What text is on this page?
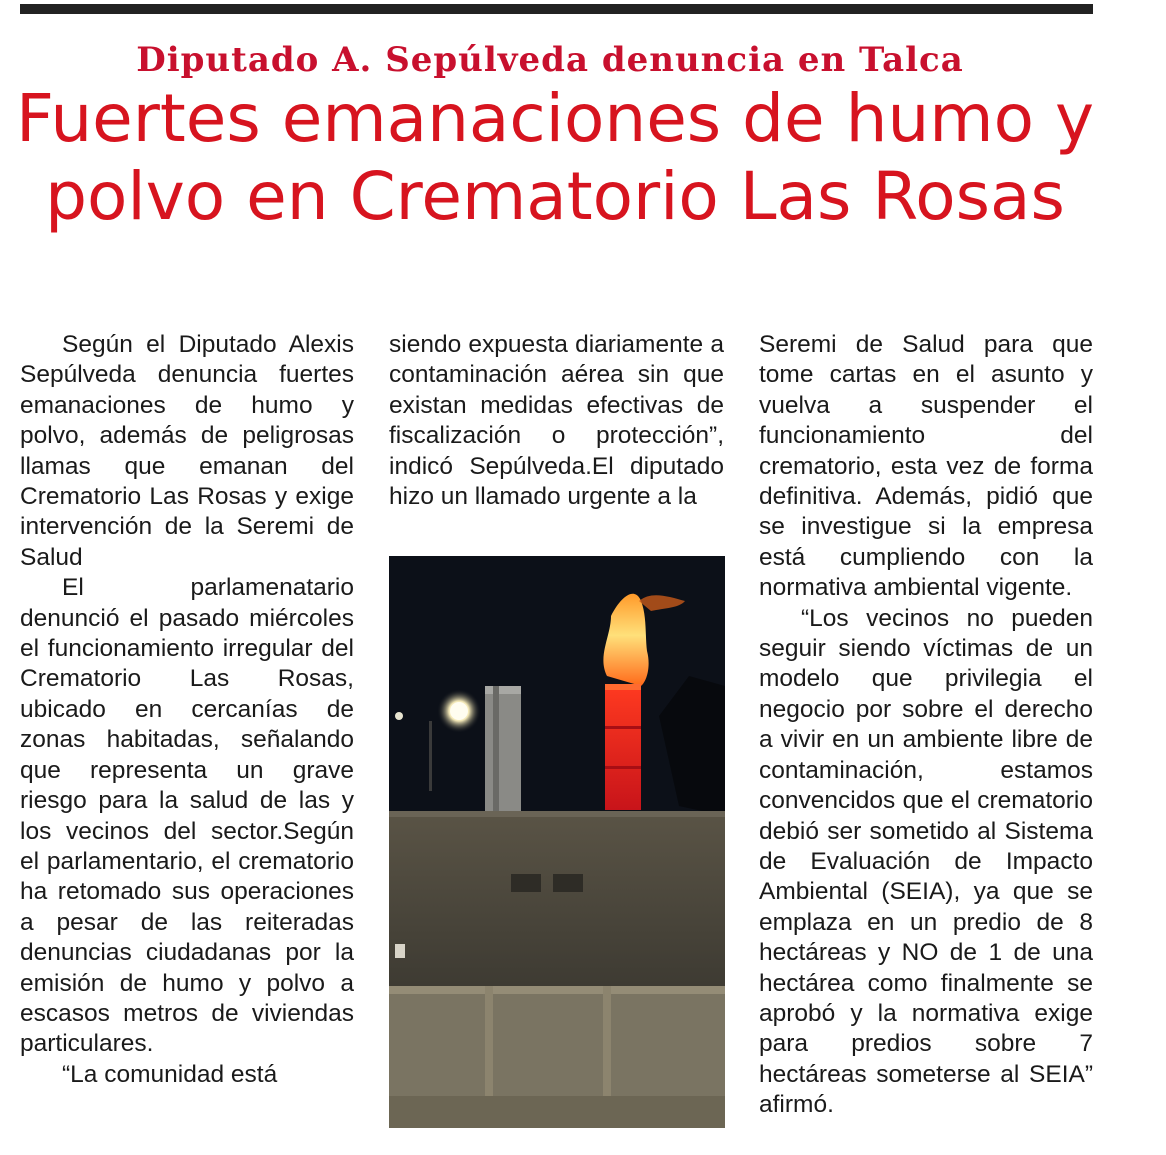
Diputado A. Sepúlveda denuncia en Talca
Fuertes emanaciones de humo y polvo en Crematorio Las Rosas

Según el Diputado Alexis Sepúlveda denuncia fuertes emanaciones de humo y polvo, además de peligrosas llamas que emanan del Crematorio Las Rosas y exige intervención de la Seremi de Salud

El parlamenatario denunció el pasado miércoles el funcionamiento irregular del Crematorio Las Rosas, ubicado en cercanías de zonas habitadas, señalando que representa un grave riesgo para la salud de las y los vecinos del sector.Según el parlamentario, el crematorio ha retomado sus operaciones a pesar de las reiteradas denuncias ciudadanas por la emisión de humo y polvo a escasos metros de viviendas particulares.

“La comunidad está

siendo expuesta diariamente a contaminación aérea sin que existan medidas efectivas de fiscalización o protección”, indicó Sepúlveda.El diputado hizo un llamado urgente a la

Seremi de Salud para que tome cartas en el asunto y vuelva a suspender el funcionamiento del crematorio, esta vez de forma definitiva. Además, pidió que se investigue si la empresa está cumpliendo con la normativa ambiental vigente.

“Los vecinos no pueden seguir siendo víctimas de un modelo que privilegia el negocio por sobre el derecho a vivir en un ambiente libre de contaminación, estamos convencidos que el crematorio debió ser sometido al Sistema de Evaluación de Impacto Ambiental (SEIA), ya que se emplaza en un predio de 8 hectáreas y NO de 1 de una hectárea como finalmente se aprobó y la normativa exige para predios sobre 7 hectáreas someterse al SEIA” afirmó.
